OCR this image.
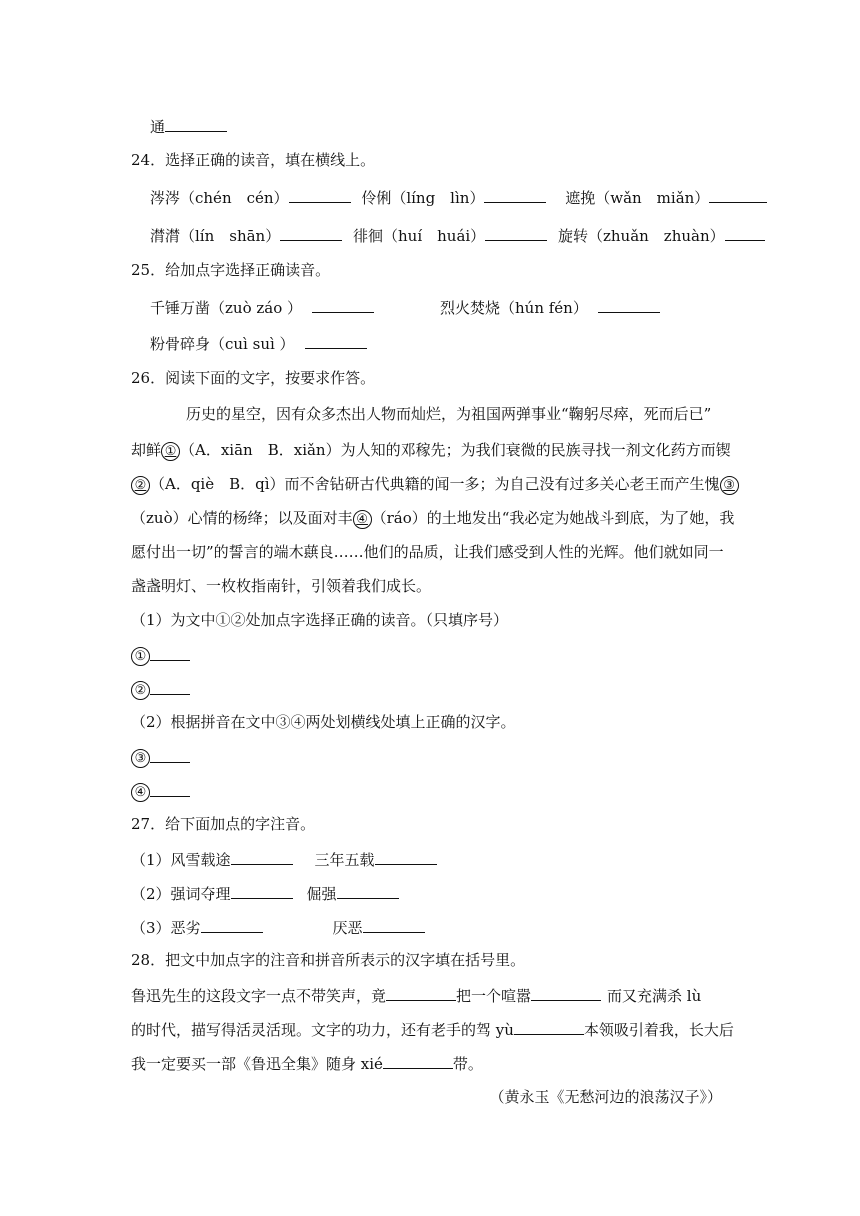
通
24．选择正确的读音，填在横线上。
涔涔（chén　cén）	伶俐（líng　lìn）	遮挽（wǎn　miǎn）
潸潸（lín　shān）	徘徊（huí　huái）	旋转（zhuǎn　zhuàn）
25．给加点字选择正确读音。
千锤万凿（zuò záo ）	烈火焚烧（hún fén）
粉骨碎身（cuì suì ）
26．阅读下面的文字，按要求作答。
历史的星空，因有众多杰出人物而灿烂，为祖国两弹事业“鞠躬尽瘁，死而后已”
却鲜 ① （A．xiān　B．xiǎn）为人知的邓稼先；为我们衰微的民族寻找一剂文化药方而锲
② （A．qiè　B．qì）而不舍钻研古代典籍的闻一多；为自己没有过多关心老王而产生愧 ③
（zuò）心情的杨绛；以及面对丰 ④ （ráo）的土地发出“我必定为她战斗到底，为了她，我
愿付出一切”的誓言的端木蕻良……他们的品质，让我们感受到人性的光辉。他们就如同一
盏盏明灯、一枚枚指南针，引领着我们成长。
（1）为文中①②处加点字选择正确的读音。（只填序号）
①
②
（2）根据拼音在文中③④两处划横线处填上正确的汉字。
③
④
27．给下面加点的字注音。
（1）风雪载途	三年五载
（2）强词夺理	倔强
（3）恶劣	厌恶
28．把文中加点字的注音和拼音所表示的汉字填在括号里。
鲁迅先生的这段文字一点不带笑声，竟	把一个喧嚣	而又充满杀 lù
的时代，描写得活灵活现。文字的功力，还有老手的驾 yù	本领吸引着我，长大后
我一定要买一部《鲁迅全集》随身 xié	带。
（黄永玉《无愁河边的浪荡汉子》）
